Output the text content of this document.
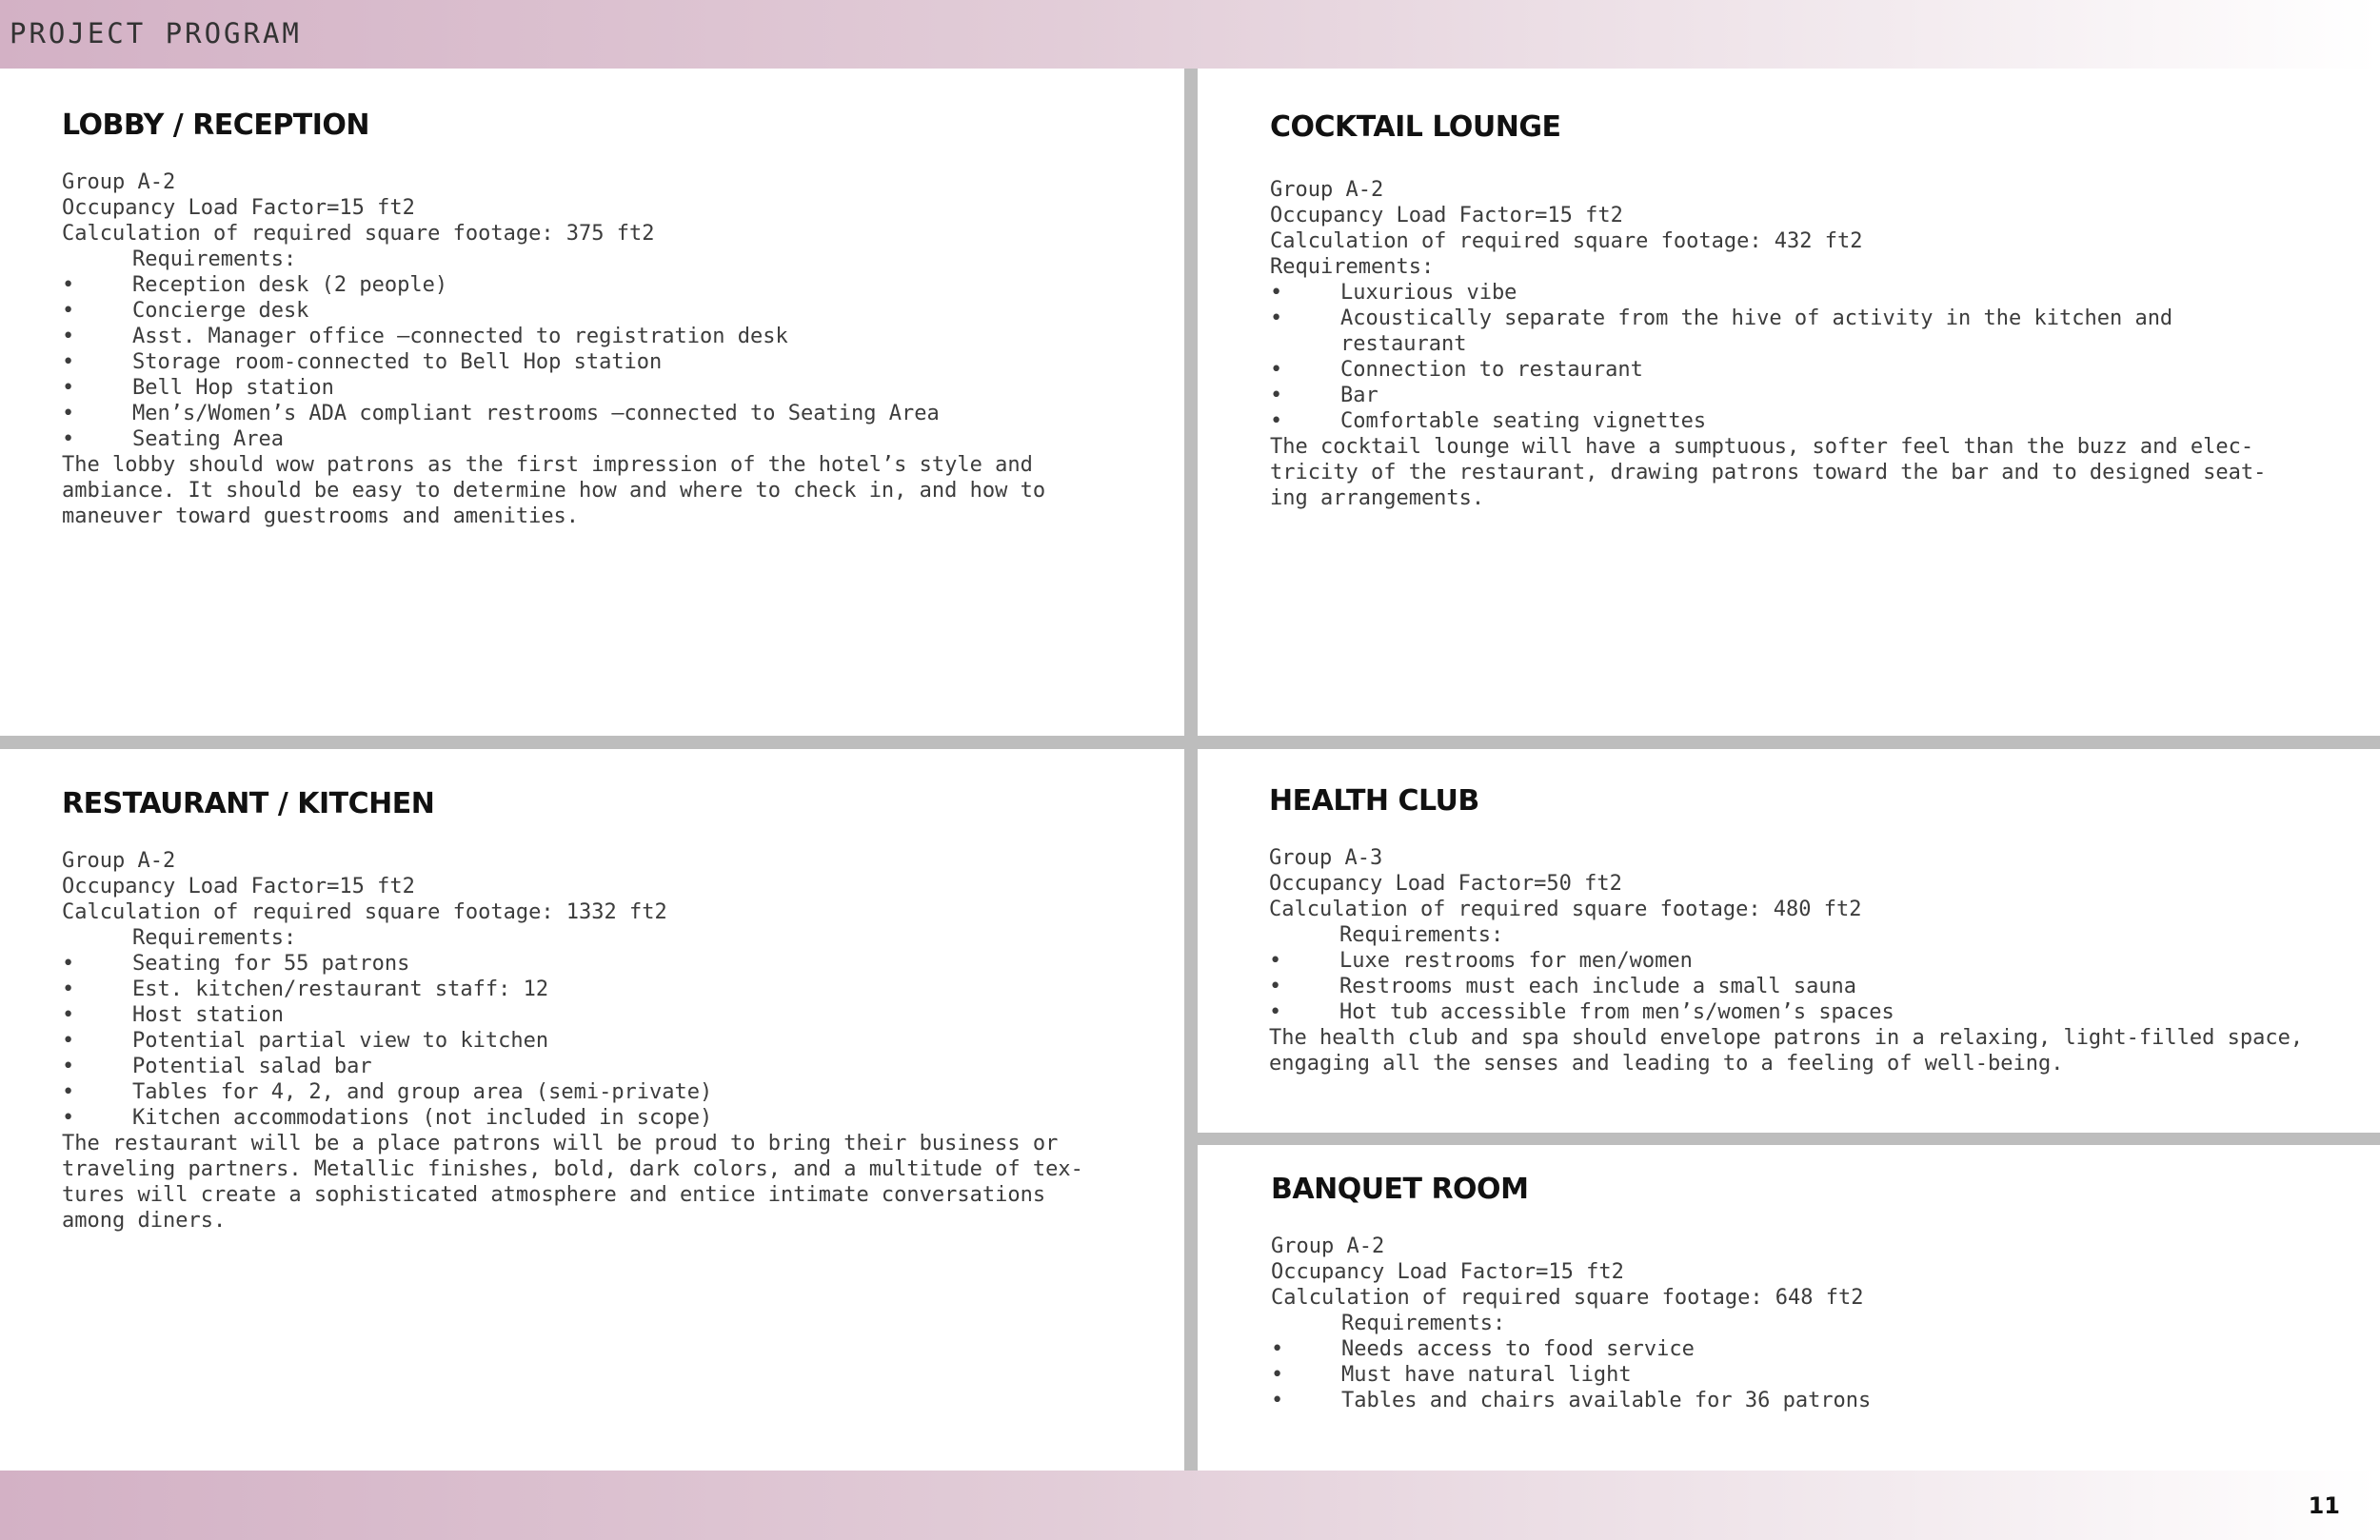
PROJECT PROGRAM
LOBBY / RECEPTION
Group A-2
Occupancy Load Factor=15 ft2
Calculation of required square footage: 375 ft2
Requirements:
•	Reception desk (2 people)
•	Concierge desk
•	Asst. Manager office –connected to registration desk
•	Storage room-connected to Bell Hop station
•	Bell Hop station
•	Men’s/Women’s ADA compliant restrooms –connected to Seating Area
•	Seating Area
The lobby should wow patrons as the first impression of the hotel’s style and
ambiance. It should be easy to determine how and where to check in, and how to
maneuver toward guestrooms and amenities.
COCKTAIL LOUNGE
Group A-2
Occupancy Load Factor=15 ft2
Calculation of required square footage: 432 ft2
Requirements:
•	Luxurious vibe
•	Acoustically separate from the hive of activity in the kitchen and
restaurant
•	Connection to restaurant
•	Bar
•	Comfortable seating vignettes
The cocktail lounge will have a sumptuous, softer feel than the buzz and elec-
tricity of the restaurant, drawing patrons toward the bar and to designed seat-
ing arrangements.
RESTAURANT / KITCHEN
Group A-2
Occupancy Load Factor=15 ft2
Calculation of required square footage: 1332 ft2
Requirements:
•	Seating for 55 patrons
•	Est. kitchen/restaurant staff: 12
•	Host station
•	Potential partial view to kitchen
•	Potential salad bar
•	Tables for 4, 2, and group area (semi-private)
•	Kitchen accommodations (not included in scope)
The restaurant will be a place patrons will be proud to bring their business or
traveling partners. Metallic finishes, bold, dark colors, and a multitude of tex-
tures will create a sophisticated atmosphere and entice intimate conversations
among diners.
HEALTH CLUB
Group A-3
Occupancy Load Factor=50 ft2
Calculation of required square footage: 480 ft2
Requirements:
•	Luxe restrooms for men/women
•	Restrooms must each include a small sauna
•	Hot tub accessible from men’s/women’s spaces
The health club and spa should envelope patrons in a relaxing, light-filled space,
engaging all the senses and leading to a feeling of well-being.
BANQUET ROOM
Group A-2
Occupancy Load Factor=15 ft2
Calculation of required square footage: 648 ft2
Requirements:
•	Needs access to food service
•	Must have natural light
•	Tables and chairs available for 36 patrons
11
